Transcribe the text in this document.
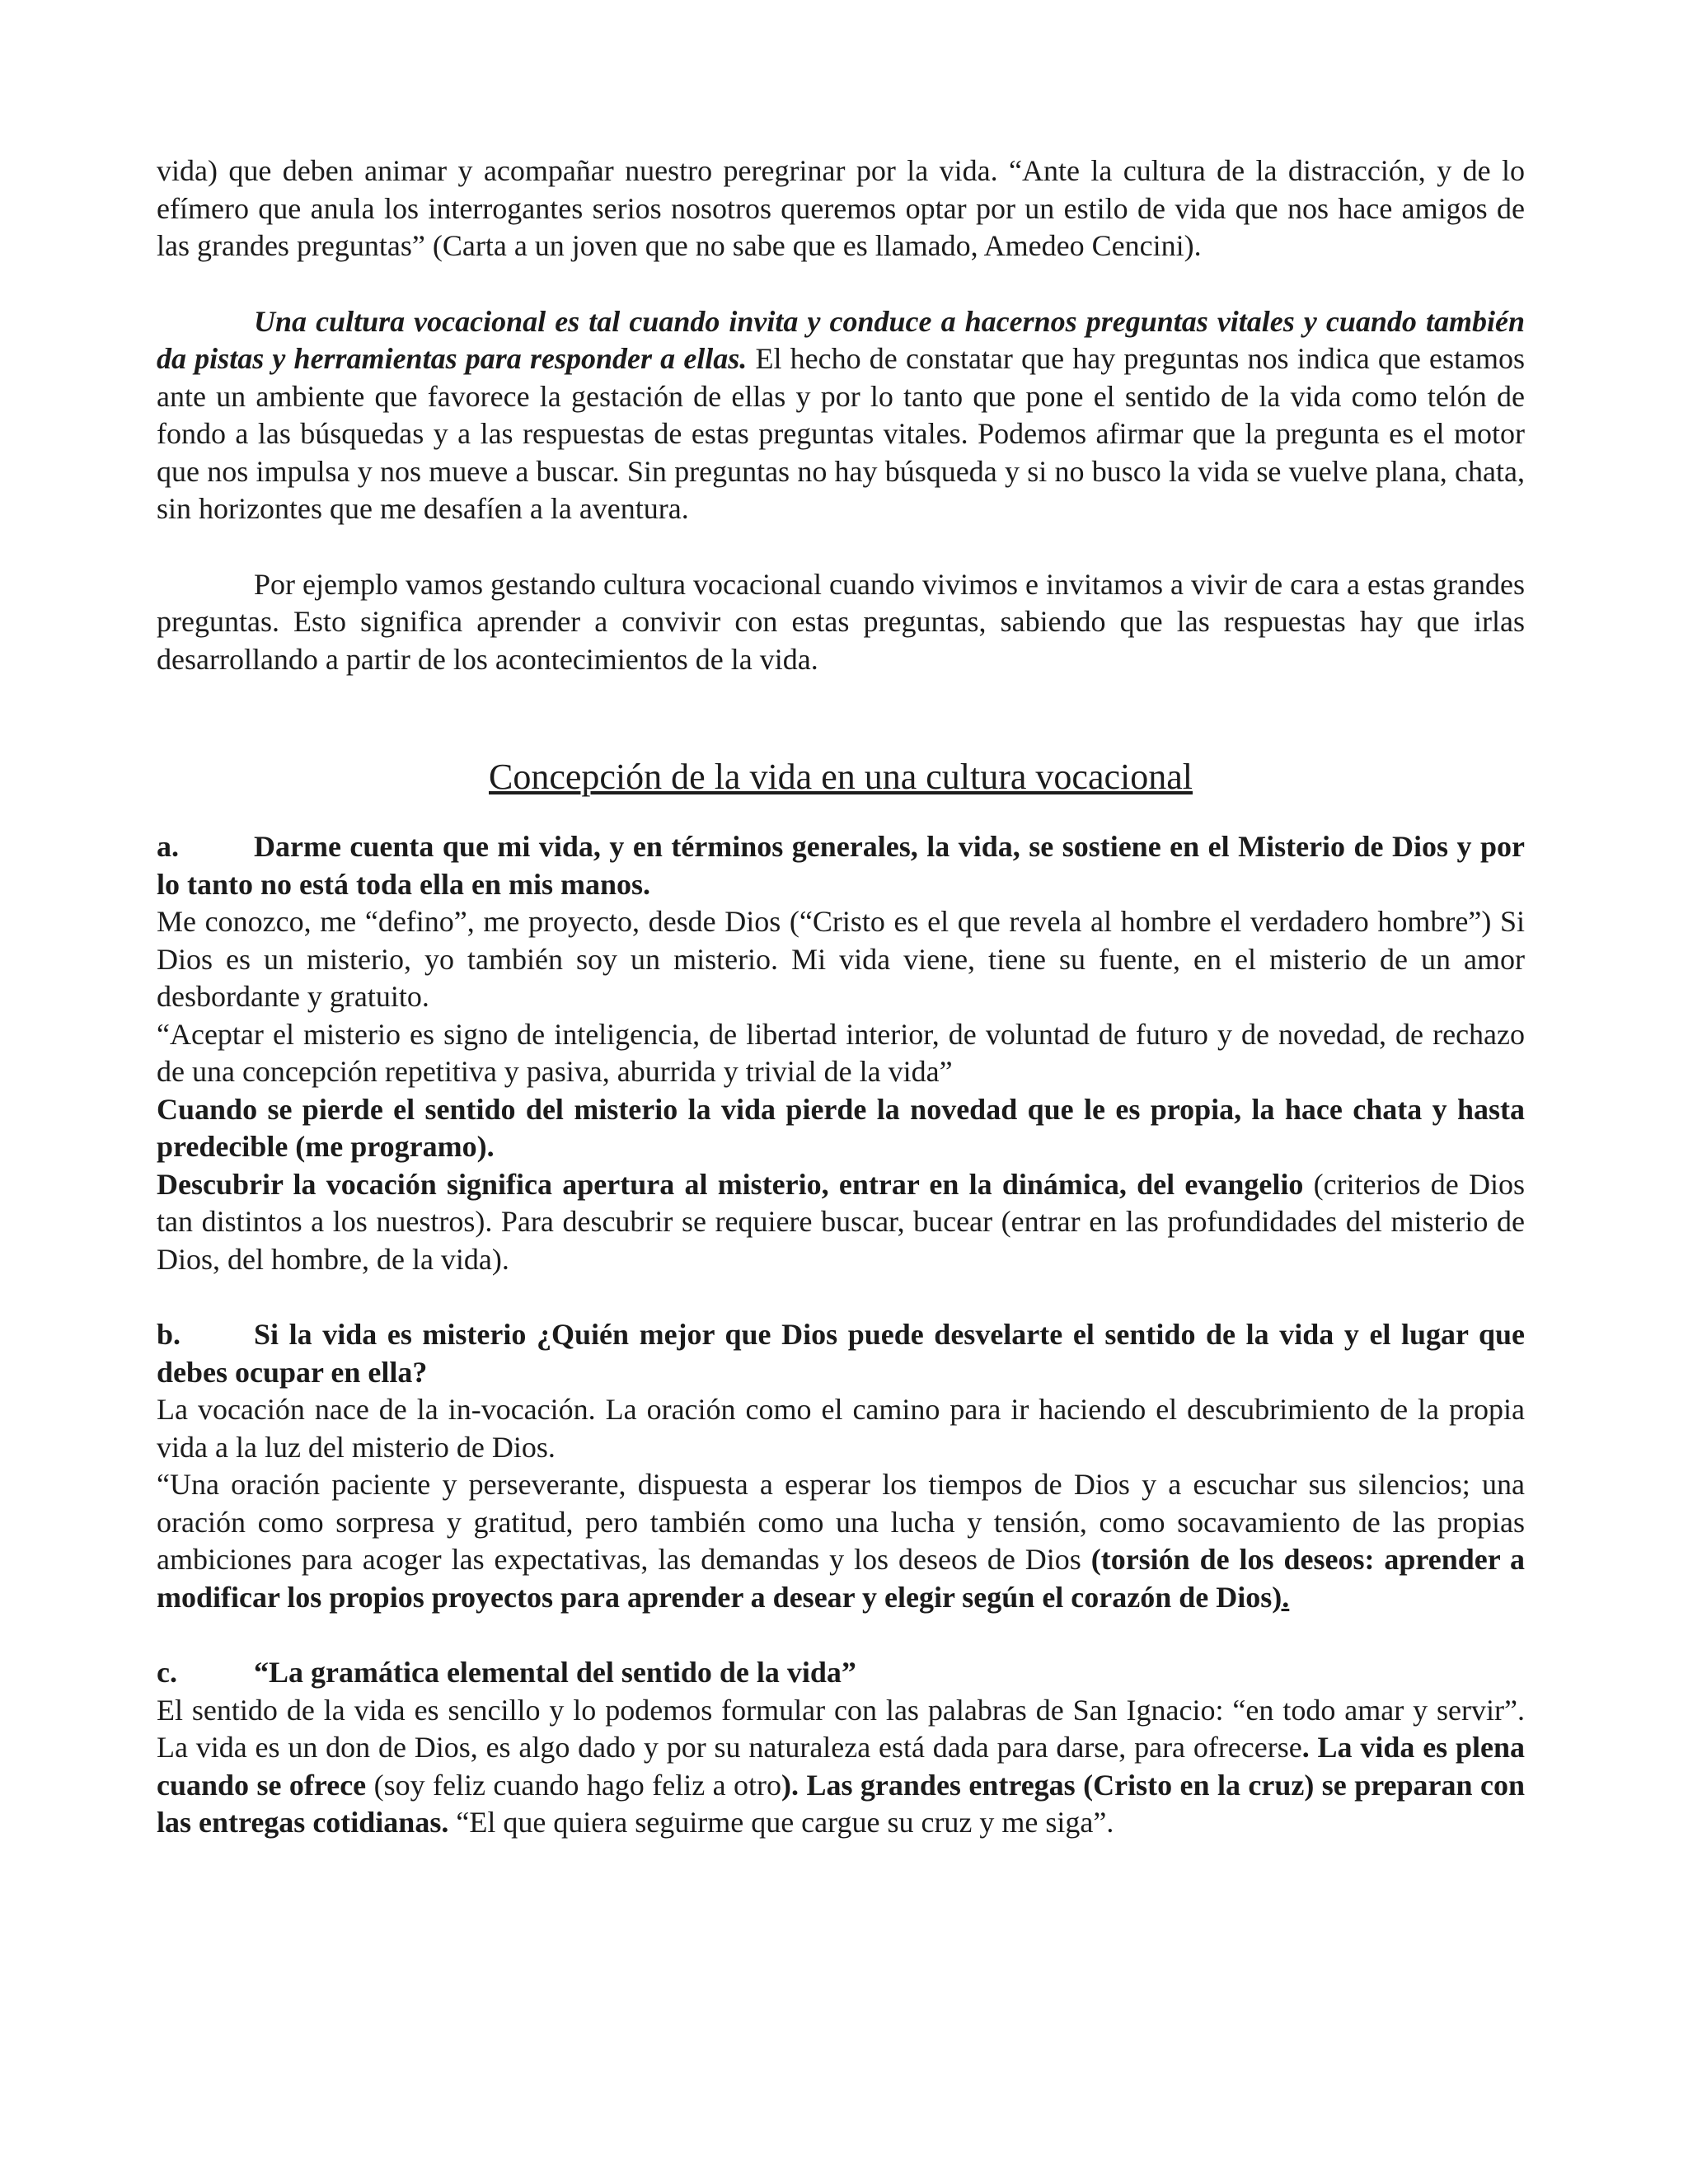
vida) que deben animar y acompañar nuestro peregrinar por la vida. “Ante la cultura de la distracción, y de lo efímero que anula los interrogantes serios nosotros queremos optar por un estilo de vida que nos hace amigos de las grandes preguntas” (Carta a un joven que no sabe que es llamado, Amedeo Cencini).

Una cultura vocacional es tal cuando invita y conduce a hacernos preguntas vitales y cuando también da pistas y herramientas para responder a ellas. El hecho de constatar que hay preguntas nos indica que estamos ante un ambiente que favorece la gestación de ellas y por lo tanto que pone el sentido de la vida como telón de fondo a las búsquedas y a las respuestas de estas preguntas vitales. Podemos afirmar que la pregunta es el motor que nos impulsa y nos mueve a buscar. Sin preguntas no hay búsqueda y si no busco la vida se vuelve plana, chata, sin horizontes que me desafíen a la aventura.

Por ejemplo vamos gestando cultura vocacional cuando vivimos e invitamos a vivir de cara a estas grandes preguntas. Esto significa aprender a convivir con estas preguntas, sabiendo que las respuestas hay que irlas desarrollando a partir de los acontecimientos de la vida.

Concepción de la vida en una cultura vocacional

a.	Darme cuenta que mi vida, y en términos generales, la vida, se sostiene en el Misterio de Dios y por lo tanto no está toda ella en mis manos.

Me conozco, me “defino”, me proyecto, desde Dios (“Cristo es el que revela al hombre el verdadero hombre”) Si Dios es un misterio, yo también soy un misterio. Mi vida viene, tiene su fuente, en el misterio de un amor desbordante y gratuito.

“Aceptar el misterio es signo de inteligencia, de libertad interior, de voluntad de futuro y de novedad, de rechazo de una concepción repetitiva y pasiva, aburrida y trivial de la vida”

Cuando se pierde el sentido del misterio la vida pierde la novedad que le es propia, la hace chata y hasta predecible (me programo).

Descubrir la vocación significa apertura al misterio, entrar en la dinámica, del evangelio (criterios de Dios tan distintos a los nuestros). Para descubrir se requiere buscar, bucear (entrar en las profundidades del misterio de Dios, del hombre, de la vida).

b. Si la vida es misterio ¿Quién mejor que Dios puede desvelarte el sentido de la vida y el lugar que debes ocupar en ella?

La vocación nace de la in-vocación. La oración como el camino para ir haciendo el descubrimiento de la propia vida a la luz del misterio de Dios.

“Una oración paciente y perseverante, dispuesta a esperar los tiempos de Dios y a escuchar sus silencios; una oración como sorpresa y gratitud, pero también como una lucha y tensión, como socavamiento de las propias ambiciones para acoger las expectativas, las demandas y los deseos de Dios (torsión de los deseos: aprender a modificar los propios proyectos para aprender a desear y elegir según el corazón de Dios).

c.	“La gramática elemental del sentido de la vida”

El sentido de la vida es sencillo y lo podemos formular con las palabras de San Ignacio: “en todo amar y servir”. La vida es un don de Dios, es algo dado y por su naturaleza está dada para darse, para ofrecerse. La vida es plena cuando se ofrece (soy feliz cuando hago feliz a otro). Las grandes entregas (Cristo en la cruz) se preparan con las entregas cotidianas. “El que quiera seguirme que cargue su cruz y me siga”.
